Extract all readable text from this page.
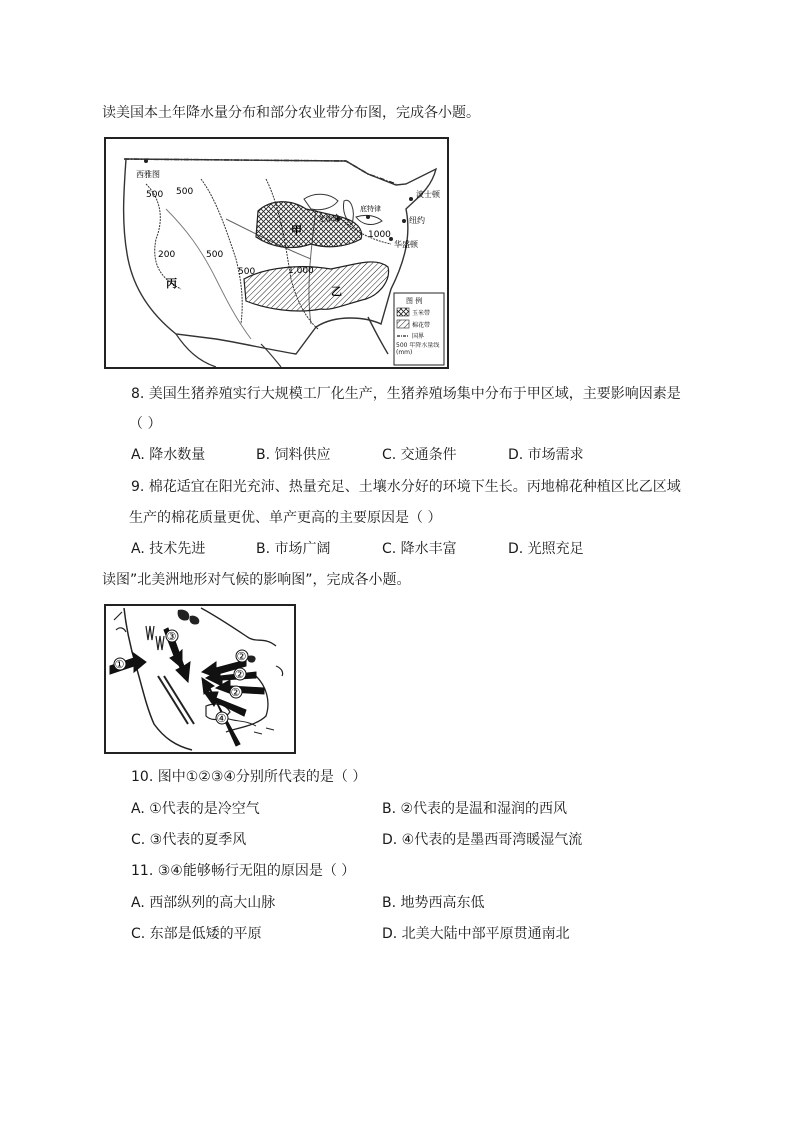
读美国本土年降水量分布和部分农业带分布图，完成各小题。
西雅图
波士顿
纽约
华盛顿
芝加哥
底特律
甲
乙
丙
500 500
500
500
200
1000
1,000
图 例
玉米带
棉花带
国界
500 年降水量线(mm)
8. 美国生猪养殖实行大规模工厂化生产，生猪养殖场集中分布于甲区域，主要影响因素是
（ ）
A. 降水数量	B. 饲料供应	C. 交通条件	D. 市场需求
9. 棉花适宜在阳光充沛、热量充足、土壤水分好的环境下生长。丙地棉花种植区比乙区域
生产的棉花质量更优、单产更高的主要原因是（ ）
A. 技术先进	B. 市场广阔	C. 降水丰富	D. 光照充足
读图”北美洲地形对气候的影响图”，完成各小题。
①
②
②
②
③
④
10. 图中①②③④分别所代表的是（ ）
A. ①代表的是冷空气	B. ②代表的是温和湿润的西风
C. ③代表的夏季风	D. ④代表的是墨西哥湾暖湿气流
11. ③④能够畅行无阻的原因是（ ）
A. 西部纵列的高大山脉	B. 地势西高东低
C. 东部是低矮的平原	D. 北美大陆中部平原贯通南北
